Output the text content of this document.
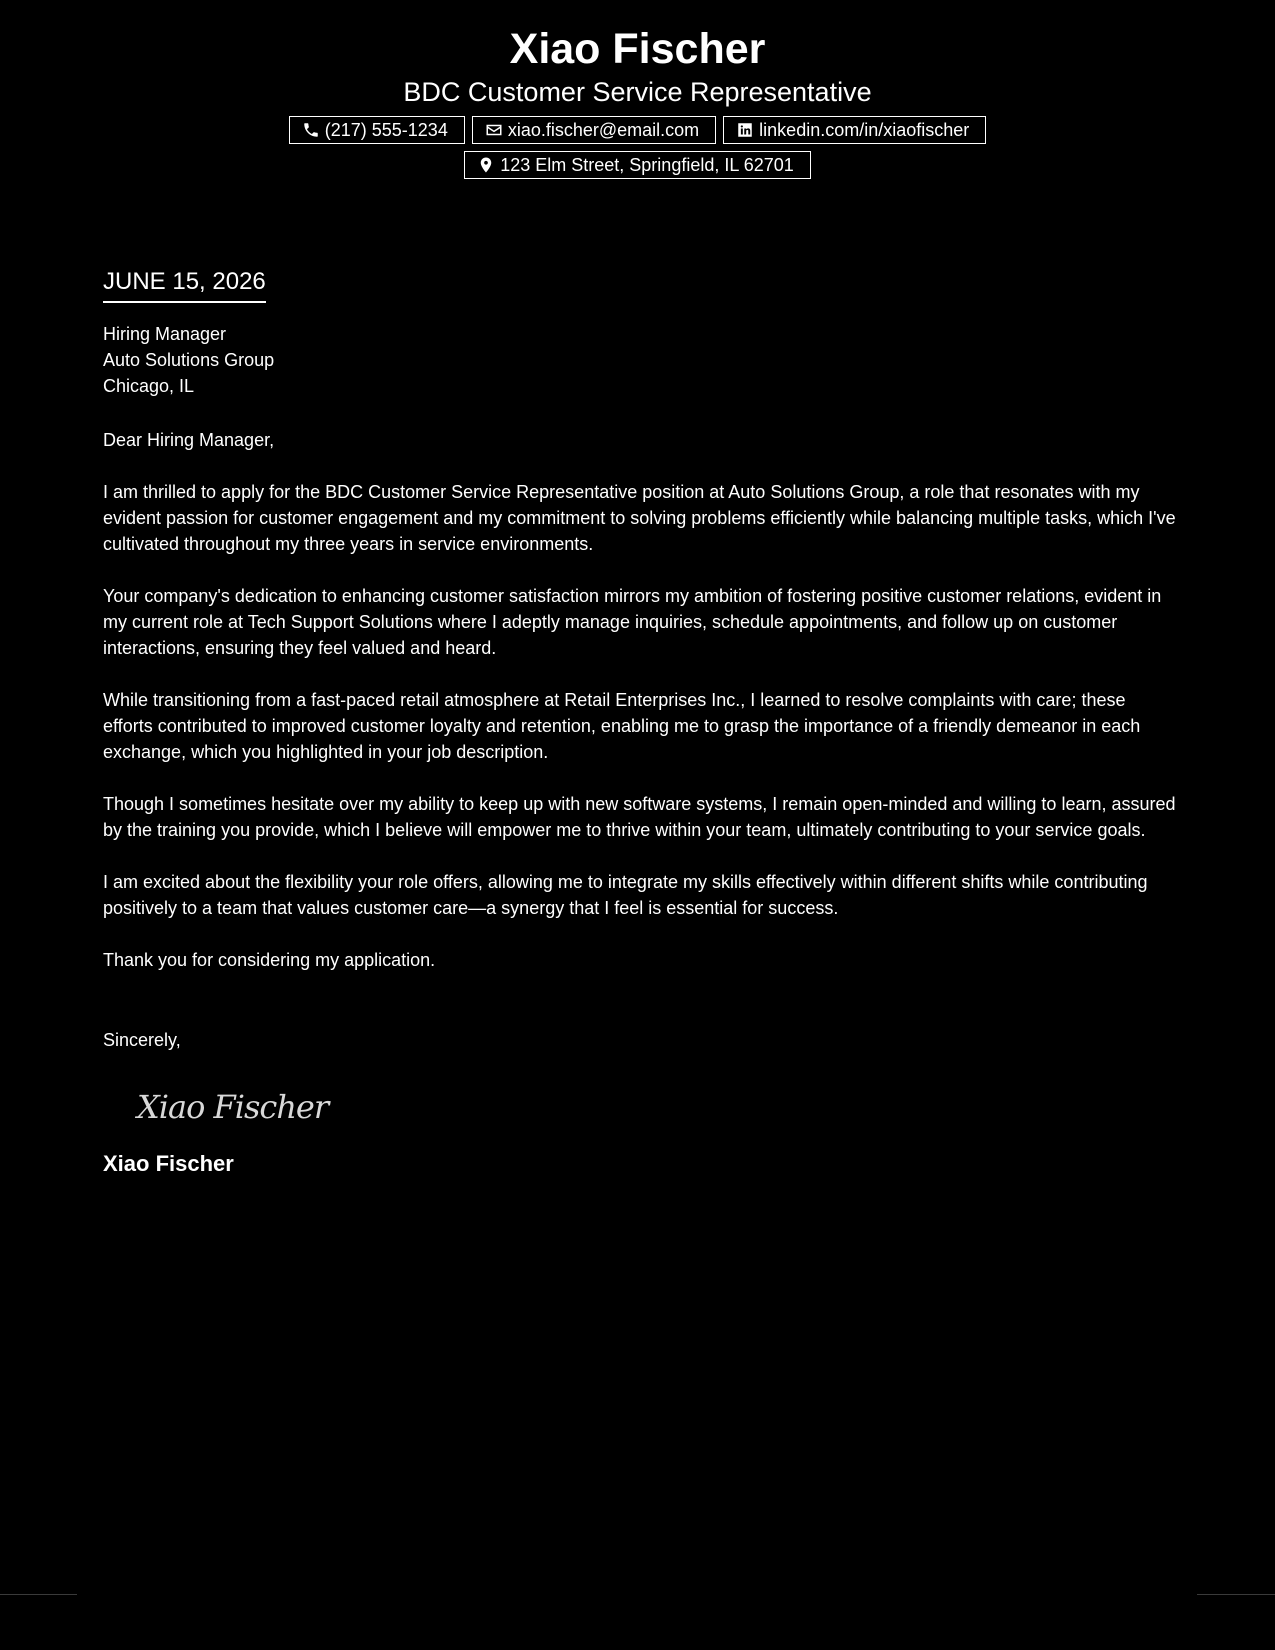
Xiao Fischer
BDC Customer Service Representative
(217) 555-1234	xiao.fischer@email.com	linkedin.com/in/xiaofischer
123 Elm Street, Springfield, IL 62701
JUNE 15, 2026
Hiring Manager
Auto Solutions Group
Chicago, IL
Dear Hiring Manager,
I am thrilled to apply for the BDC Customer Service Representative position at Auto Solutions Group, a role that resonates with my evident passion for customer engagement and my commitment to solving problems efficiently while balancing multiple tasks, which I've cultivated throughout my three years in service environments.
Your company's dedication to enhancing customer satisfaction mirrors my ambition of fostering positive customer relations, evident in my current role at Tech Support Solutions where I adeptly manage inquiries, schedule appointments, and follow up on customer interactions, ensuring they feel valued and heard.
While transitioning from a fast-paced retail atmosphere at Retail Enterprises Inc., I learned to resolve complaints with care; these efforts contributed to improved customer loyalty and retention, enabling me to grasp the importance of a friendly demeanor in each exchange, which you highlighted in your job description.
Though I sometimes hesitate over my ability to keep up with new software systems, I remain open-minded and willing to learn, assured by the training you provide, which I believe will empower me to thrive within your team, ultimately contributing to your service goals.
I am excited about the flexibility your role offers, allowing me to integrate my skills effectively within different shifts while contributing positively to a team that values customer care—a synergy that I feel is essential for success.
Thank you for considering my application.
Sincerely,
Xiao Fischer
Xiao Fischer
